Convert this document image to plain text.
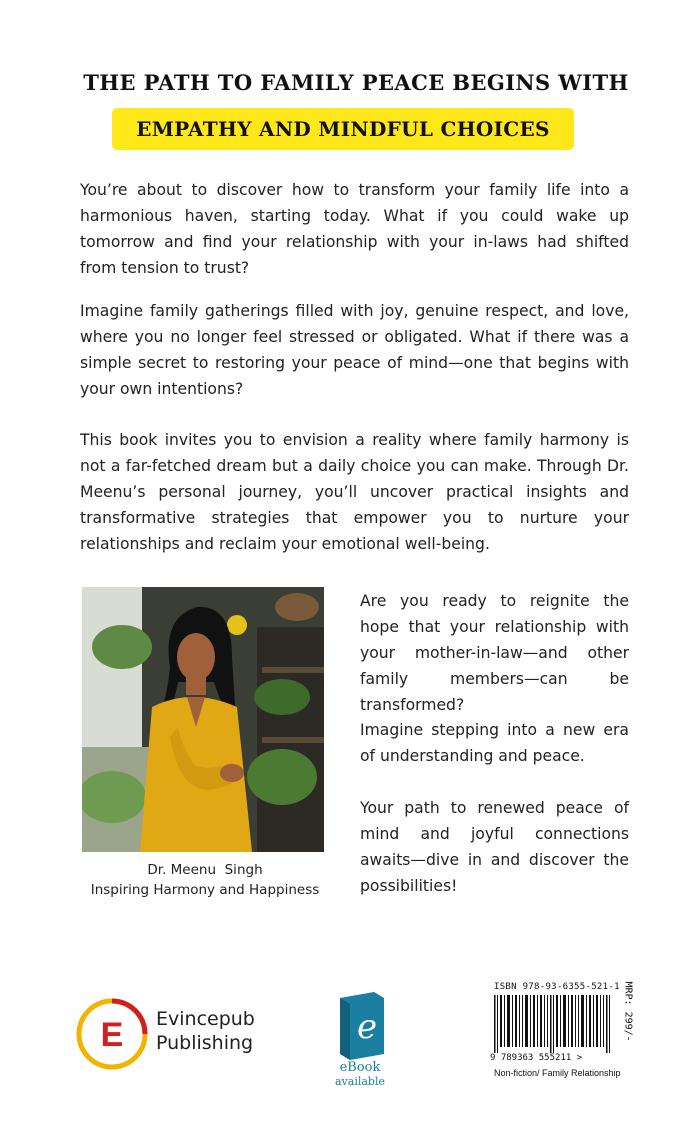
THE PATH TO FAMILY PEACE BEGINS WITH
EMPATHY AND MINDFUL CHOICES

You’re about to discover how to transform your family life into a harmonious haven, starting today. What if you could wake up tomorrow and find your relationship with your in-laws had shifted from tension to trust?

Imagine family gatherings filled with joy, genuine respect, and love, where you no longer feel stressed or obligated. What if there was a simple secret to restoring your peace of mind—one that begins with your own intentions?

This book invites you to envision a reality where family harmony is not a far-fetched dream but a daily choice you can make. Through Dr. Meenu’s personal journey, you’ll uncover practical insights and transformative strategies that empower you to nurture your relationships and reclaim your emotional well-being.

Dr. Meenu  Singh
Inspiring Harmony and Happiness

Are you ready to reignite the hope that your relationship with your mother-in-law—and other family members—can be transformed?

Imagine stepping into a new era of understanding and peace.

Your path to renewed peace of mind and joyful connections awaits—dive in and discover the possibilities!

E Evincepub
Publishing	e
eBook
available
ISBN 978-93-6355-521-1
9 789363 555211 >
Non-fiction/ Family Relationship
MRP: 299/-
